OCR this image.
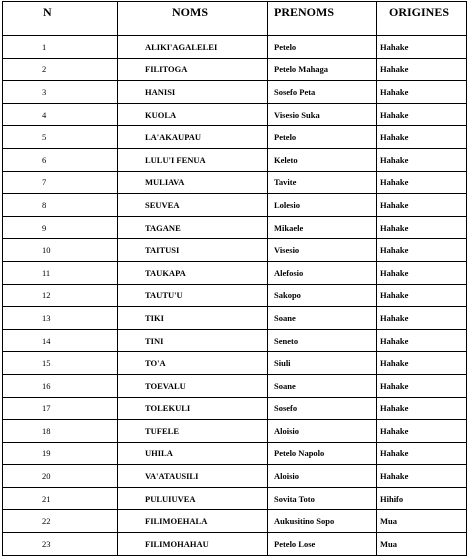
N	NOMS	PRENOMS	ORIGINES
1	ALIKI'AGALELEI	Petelo	Hahake
2	FILITOGA	Petelo Mahaga	Hahake
3	HANISI	Sosefo Peta	Hahake
4	KUOLA	Visesio Suka	Hahake
5	LA'AKAUPAU	Petelo	Hahake
6	LULU'I FENUA	Keleto	Hahake
7	MULIAVA	Tavite	Hahake
8	SEUVEA	Lolesio	Hahake
9	TAGANE	Mikaele	Hahake
10	TAITUSI	Visesio	Hahake
11	TAUKAPA	Alefosio	Hahake
12	TAUTU'U	Sakopo	Hahake
13	TIKI	Soane	Hahake
14	TINI	Seneto	Hahake
15	TO'A	Siuli	Hahake
16	TOEVALU	Soane	Hahake
17	TOLEKULI	Sosefo	Hahake
18	TUFELE	Aloisio	Hahake
19	UHILA	Petelo Napolo	Hahake
20	VA'ATAUSILI	Aloisio	Hahake
21	PULUIUVEA	Sovita Toto	Hihifo
22	FILIMOEHALA	Aukusitino Sopo	Mua
23	FILIMOHAHAU	Petelo Lose	Mua
